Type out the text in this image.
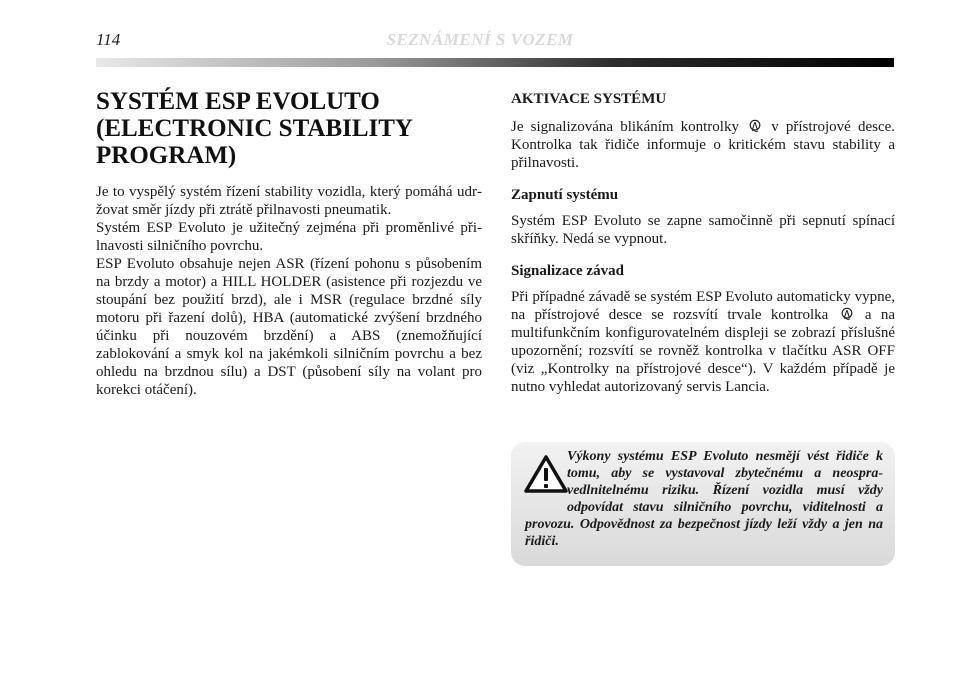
114	SEZNÁMENÍ S VOZEM
SYSTÉM ESP EVOLUTO (ELECTRONIC STABILITY PROGRAM)

Je to vyspělý systém řízení stability vozidla, který pomáhá udržovat směr jízdy při ztrátě přilnavosti pneumatik.

Systém ESP Evoluto je užitečný zejména při proměnlivé přilnavosti silničního povrchu.

ESP Evoluto obsahuje nejen ASR (řízení pohonu s působením na brzdy a motor) a HILL HOLDER (asistence při rozjezdu ve stoupání bez použití brzd), ale i MSR (regulace brzdné síly motoru při řazení dolů), HBA (automatické zvýšení brzdného účinku při nouzovém brzdění) a ABS (znemožňující zablokování a smyk kol na jakémkoli silničním povrchu a bez ohledu na brzdnou sílu) a DST (působení síly na volant pro korekci otáčení).

AKTIVACE SYSTÉMU

Je signalizována blikáním kontrolky v přístrojové desce. Kontrolka tak řidiče informuje o kritickém stavu stability a přilnavosti.

Zapnutí systému

Systém ESP Evoluto se zapne samočinně při sepnutí spínací skříňky. Nedá se vypnout.

Signalizace závad

Při případné závadě se systém ESP Evoluto automaticky vypne, na přístrojové desce se rozsvítí trvale kontrolka a na multifunkčním konfigurovatelném displeji se zobrazí příslušné upozornění; rozsvítí se rovněž kontrolka v tlačítku ASR OFF (viz „Kontrolky na přístrojové desce“). V každém případě je nutno vyhledat autorizovaný servis Lancia.

Výkony systému ESP Evoluto nesmějí vést řidiče k tomu, aby se vystavoval zbytečnému a neospravedlnitelnému riziku. Řízení vozidla musí vždy odpovídat stavu silničního povrchu, viditelnosti a provozu. Odpovědnost za bezpečnost jízdy leží vždy a jen na řidiči.
